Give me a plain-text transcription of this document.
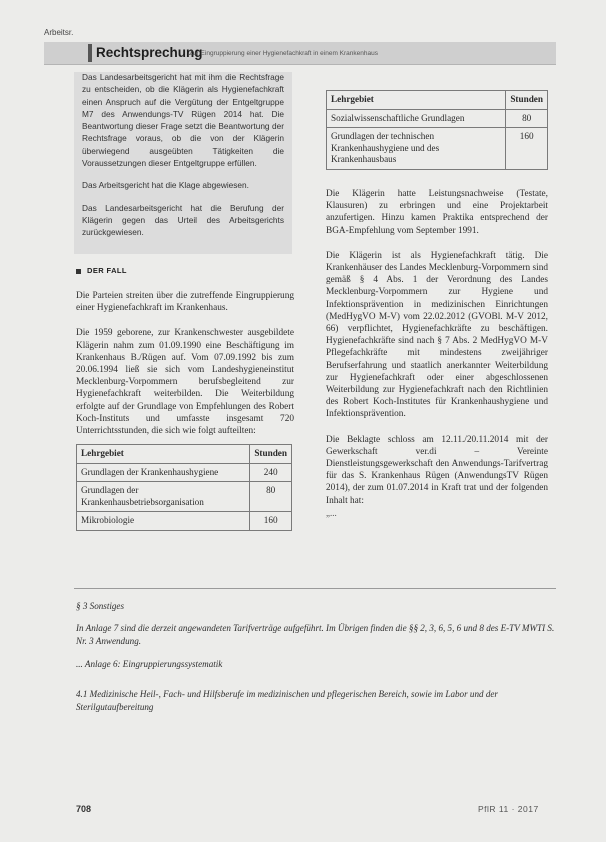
Arbeitsr.
Rechtsprechung
Zur Eingruppierung einer Hygienefachkraft in einem Krankenhaus

Das Landesarbeitsgericht hat mit ihm die Rechtsfrage zu entscheiden, ob die Klägerin als Hygienefachkraft einen Anspruch auf die Vergütung der Entgeltgruppe M7 des Anwendungs-TV Rügen 2014 hat. Die Beantwortung dieser Frage setzt die Beantwortung der Rechtsfrage voraus, ob die von der Klägerin überwiegend ausgeübten Tätigkeiten die Voraussetzungen dieser Entgeltgruppe erfüllen.

Das Arbeitsgericht hat die Klage abgewiesen.

Das Landesarbeitsgericht hat die Berufung der Klägerin gegen das Urteil des Arbeitsgerichts zurückgewiesen.

DER FALL

Die Parteien streiten über die zutreffende Eingruppierung einer Hygienefachkraft im Krankenhaus.

Die 1959 geborene, zur Krankenschwester ausgebildete Klägerin nahm zum 01.09.1990 eine Beschäftigung im Krankenhaus B./Rügen auf. Vom 07.09.1992 bis zum 20.06.1994 ließ sie sich vom Landeshygieneinstitut Mecklenburg-Vorpommern berufsbegleitend zur Hygienefachkraft weiterbilden. Die Weiterbildung erfolgte auf der Grundlage von Empfehlungen des Robert Koch-Instituts und umfasste insgesamt 720 Unterrichtsstunden, die sich wie folgt aufteilten:

Lehrgebiet	Stunden
Grundlagen der Krankenhaushygiene	240
Grundlagen der Krankenhausbetriebsorganisation	80
Mikrobiologie	160
Lehrgebiet	Stunden
Sozialwissenschaftliche Grundlagen	80
Grundlagen der technischen Krankenhaushygiene und des Krankenhausbaus	160

Die Klägerin hatte Leistungsnachweise (Testate, Klausuren) zu erbringen und eine Projektarbeit anzufertigen. Hinzu kamen Praktika entsprechend der BGA-Empfehlung vom September 1991.

Die Klägerin ist als Hygienefachkraft tätig. Die Krankenhäuser des Landes Mecklenburg-Vorpommern sind gemäß § 4 Abs. 1 der Verordnung des Landes Mecklenburg-Vorpommern zur Hygiene und Infektionsprävention in medizinischen Einrichtungen (MedHygVO M-V) vom 22.02.2012 (GVOBl. M-V 2012, 66) verpflichtet, Hygienefachkräfte zu beschäftigen. Hygienefachkräfte sind nach § 7 Abs. 2 MedHygVO M-V Pflegefachkräfte mit mindestens zweijähriger Berufserfahrung und staatlich anerkannter Weiterbildung zur Hygienefachkraft oder einer abgeschlossenen Weiterbildung zur Hygienefachkraft nach den Richtlinien des Robert Koch-Institutes für Krankenhaushygiene und Infektionsprävention.

Die Beklagte schloss am 12.11./20.11.2014 mit der Gewerkschaft ver.di – Vereinte Dienstleistungsgewerkschaft den Anwendungs-Tarifvertrag für das S. Krankenhaus Rügen (AnwendungsTV Rügen 2014), der zum 01.07.2014 in Kraft trat und der folgenden Inhalt hat:

„...
§ 3 Sonstiges
In Anlage 7 sind die derzeit angewandeten Tarifverträge aufgeführt. Im Übrigen finden die §§ 2, 3, 6, 5, 6 und 8 des E-TV MWTI S. Nr. 3 Anwendung.
... Anlage 6: Eingruppierungssystematik
4.1 Medizinische Heil-, Fach- und Hilfsberufe im medizinischen und pflegerischen Bereich, sowie im Labor und der Sterilgutaufbereitung
708	PflR 11 · 2017
